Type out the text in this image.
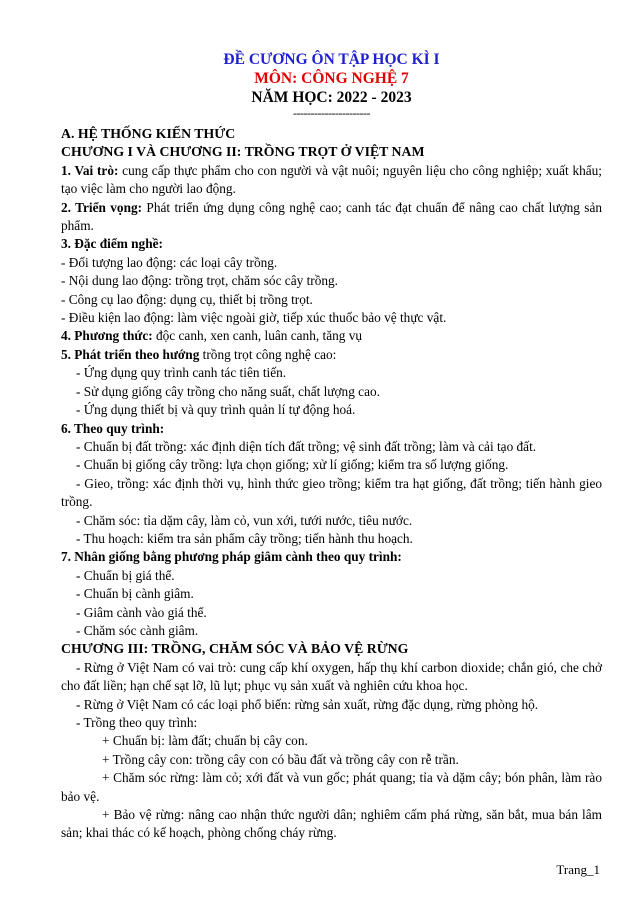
ĐỀ CƯƠNG ÔN TẬP HỌC KÌ I
MÔN: CÔNG NGHỆ 7
NĂM HỌC: 2022 - 2023
----------------------

A. HỆ THỐNG KIẾN THỨC

CHƯƠNG I VÀ CHƯƠNG II: TRỒNG TRỌT Ở VIỆT NAM

1. Vai trò: cung cấp thực phẩm cho con người và vật nuôi; nguyên liệu cho công nghiệp; xuất khẩu; tạo việc làm cho người lao động.

2. Triển vọng: Phát triển ứng dụng công nghệ cao; canh tác đạt chuẩn để nâng cao chất lượng sản phẩm.

3. Đặc điểm nghề:

- Đối tượng lao động: các loại cây trồng.

- Nội dung lao động: trồng trọt, chăm sóc cây trồng.

- Công cụ lao động: dụng cụ, thiết bị trồng trọt.

- Điều kiện lao động: làm việc ngoài giờ, tiếp xúc thuốc bảo vệ thực vật.

4. Phương thức: độc canh, xen canh, luân canh, tăng vụ

5. Phát triển theo hướng trồng trọt công nghệ cao:

- Ứng dụng quy trình canh tác tiên tiến.

- Sử dụng giống cây trồng cho năng suất, chất lượng cao.

- Ứng dụng thiết bị và quy trình quản lí tự động hoá.

6. Theo quy trình:

- Chuẩn bị đất trồng: xác định diện tích đất trồng; vệ sinh đất trồng; làm và cải tạo đất.

- Chuẩn bị giống cây trồng: lựa chọn giống; xử lí giống; kiểm tra số lượng giống.

- Gieo, trồng: xác định thời vụ, hình thức gieo trồng; kiểm tra hạt giống, đất trồng; tiến hành gieo trồng.

- Chăm sóc: tỉa dặm cây, làm cỏ, vun xới, tưới nước, tiêu nước.

- Thu hoạch: kiểm tra sản phẩm cây trồng; tiến hành thu hoạch.

7. Nhân giống bằng phương pháp giâm cành theo quy trình:

- Chuẩn bị giá thể.

- Chuẩn bị cành giâm.

- Giâm cành vào giá thể.

- Chăm sóc cành giâm.

CHƯƠNG III: TRỒNG, CHĂM SÓC VÀ BẢO VỆ RỪNG

- Rừng ở Việt Nam có vai trò: cung cấp khí oxygen, hấp thụ khí carbon dioxide; chắn gió, che chở cho đất liền; hạn chế sạt lỡ, lũ lụt; phục vụ sản xuất và nghiên cứu khoa học.

- Rừng ở Việt Nam có các loại phổ biến: rừng sản xuất, rừng đặc dụng, rừng phòng hộ.

- Trồng theo quy trình:

+ Chuẩn bị: làm đất; chuẩn bị cây con.

+ Trồng cây con: trồng cây con có bầu đất và trồng cây con rễ trần.

+ Chăm sóc rừng: làm cỏ; xới đất và vun gốc; phát quang; tỉa và dặm cây; bón phân, làm rào bảo vệ.

+ Bảo vệ rừng: nâng cao nhận thức người dân; nghiêm cấm phá rừng, săn bắt, mua bán lâm sản; khai thác có kế hoạch, phòng chống cháy rừng.

Trang_1
